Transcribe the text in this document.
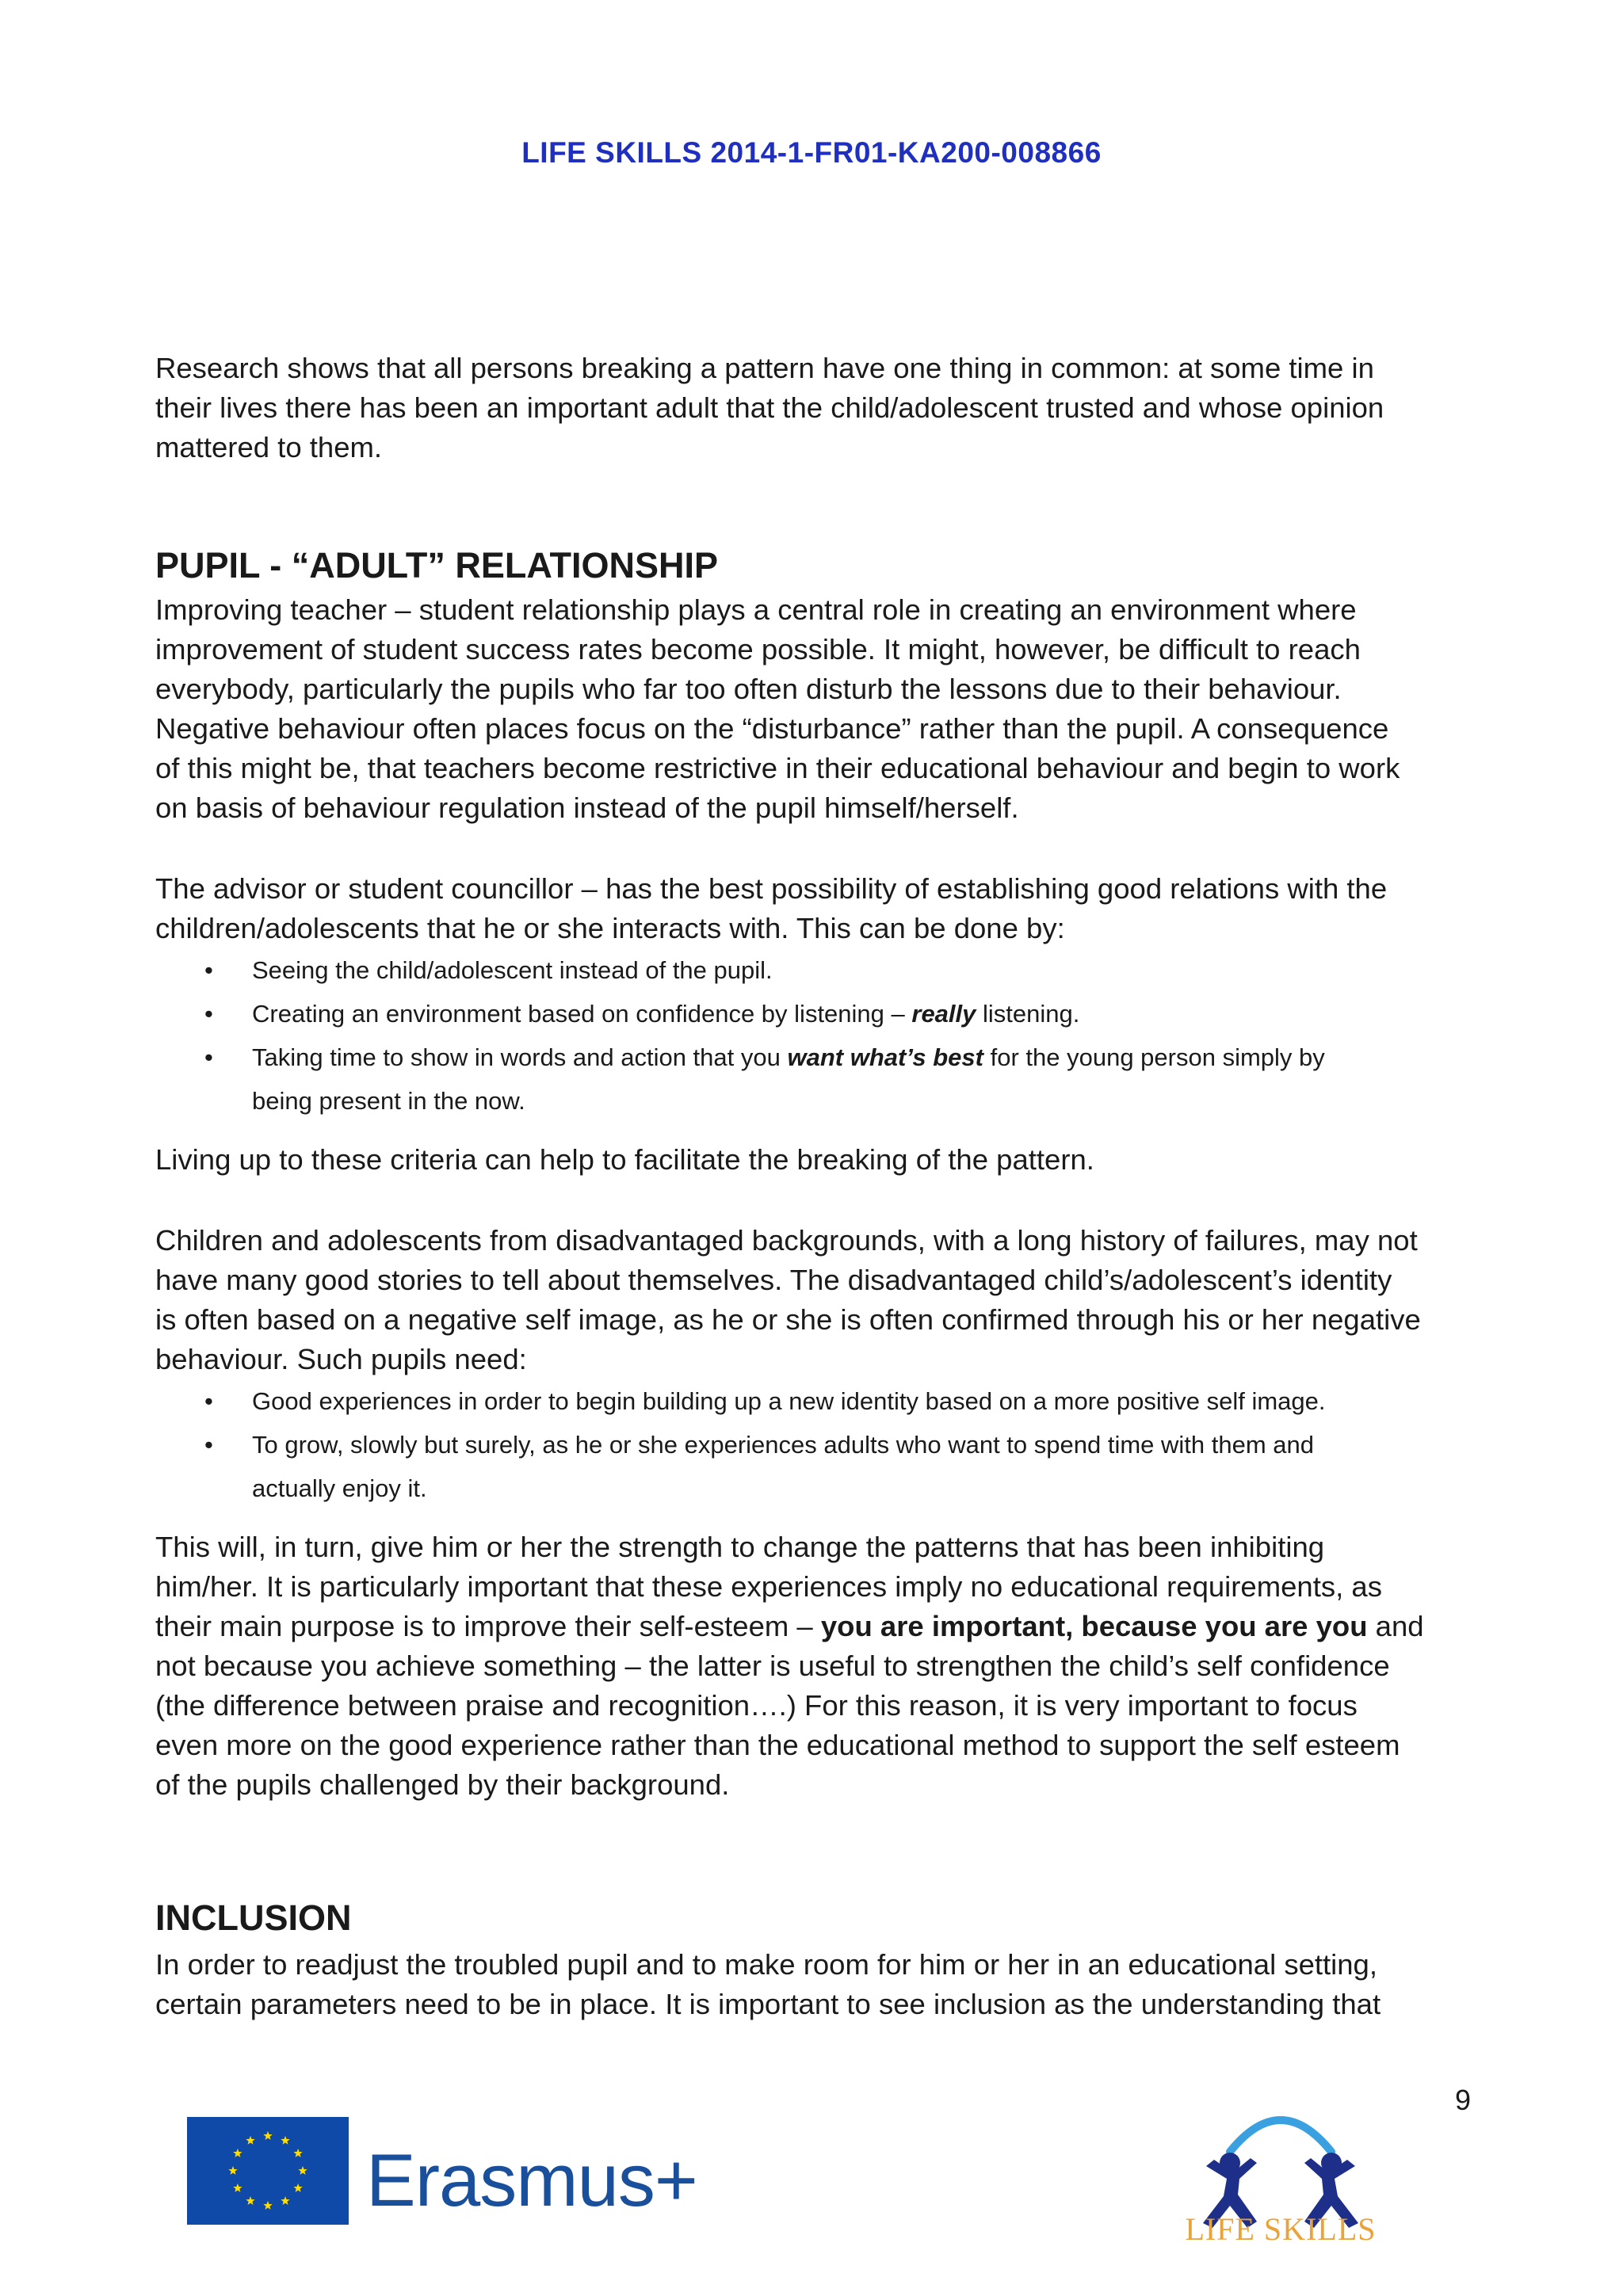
LIFE SKILLS 2014-1-FR01-KA200-008866
Research shows that all persons breaking a pattern have one thing in common: at some time in
their lives there has been an important adult that the child/adolescent trusted and whose opinion
mattered to them.
PUPIL - “ADULT” RELATIONSHIP
Improving teacher – student relationship plays a central role in creating an environment where
improvement of student success rates become possible. It might, however, be difficult to reach
everybody, particularly the pupils who far too often disturb the lessons due to their behaviour.
Negative behaviour often places focus on the “disturbance” rather than the pupil. A consequence
of this might be, that teachers become restrictive in their educational behaviour and begin to work
on basis of behaviour regulation instead of the pupil himself/herself.
The advisor or student councillor – has the best possibility of establishing good relations with the
children/adolescents that he or she interacts with. This can be done by:
• Seeing the child/adolescent instead of the pupil.
• Creating an environment based on confidence by listening – really listening.
• Taking time to show in words and action that you want what’s best for the young person simply by
being present in the now.
Living up to these criteria can help to facilitate the breaking of the pattern.
Children and adolescents from disadvantaged backgrounds, with a long history of failures, may not
have many good stories to tell about themselves. The disadvantaged child’s/adolescent’s identity
is often based on a negative self image, as he or she is often confirmed through his or her negative
behaviour. Such pupils need:
• Good experiences in order to begin building up a new identity based on a more positive self image.
• To grow, slowly but surely, as he or she experiences adults who want to spend time with them and
actually enjoy it.
This will, in turn, give him or her the strength to change the patterns that has been inhibiting
him/her. It is particularly important that these experiences imply no educational requirements, as
their main purpose is to improve their self-esteem – you are important, because you are you and
not because you achieve something – the latter is useful to strengthen the child’s self confidence
(the difference between praise and recognition….) For this reason, it is very important to focus
even more on the good experience rather than the educational method to support the self esteem
of the pupils challenged by their background.
INCLUSION
In order to readjust the troubled pupil and to make room for him or her in an educational setting,
certain parameters need to be in place. It is important to see inclusion as the understanding that
9
Erasmus+
LIFE SKILLS
